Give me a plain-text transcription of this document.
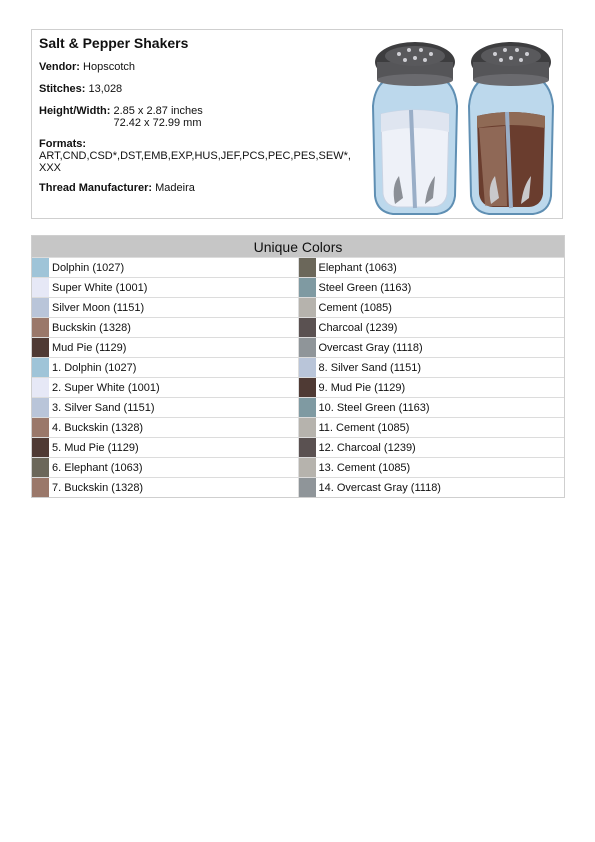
Salt & Pepper Shakers
Vendor: Hopscotch
Stitches: 13,028
Height/Width: 2.85 x 2.87 inches
72.42 x 72.99 mm
Formats:
ART,CND,CSD*,DST,EMB,EXP,HUS,JEF,PCS,PEC,PES,SEW*, XXX
Thread Manufacturer: Madeira
Unique Colors
Dolphin (1027)
Super White (1001)
Silver Moon (1151)
Buckskin (1328)
Mud Pie (1129)
1. Dolphin (1027)
2. Super White (1001)
3. Silver Sand (1151)
4. Buckskin (1328)
5. Mud Pie (1129)
6. Elephant (1063)
7. Buckskin (1328)
Elephant (1063)
Steel Green (1163)
Cement (1085)
Charcoal (1239)
Overcast Gray (1118)
8. Silver Sand (1151)
9. Mud Pie (1129)
10. Steel Green (1163)
11. Cement (1085)
12. Charcoal (1239)
13. Cement (1085)
14. Overcast Gray (1118)
